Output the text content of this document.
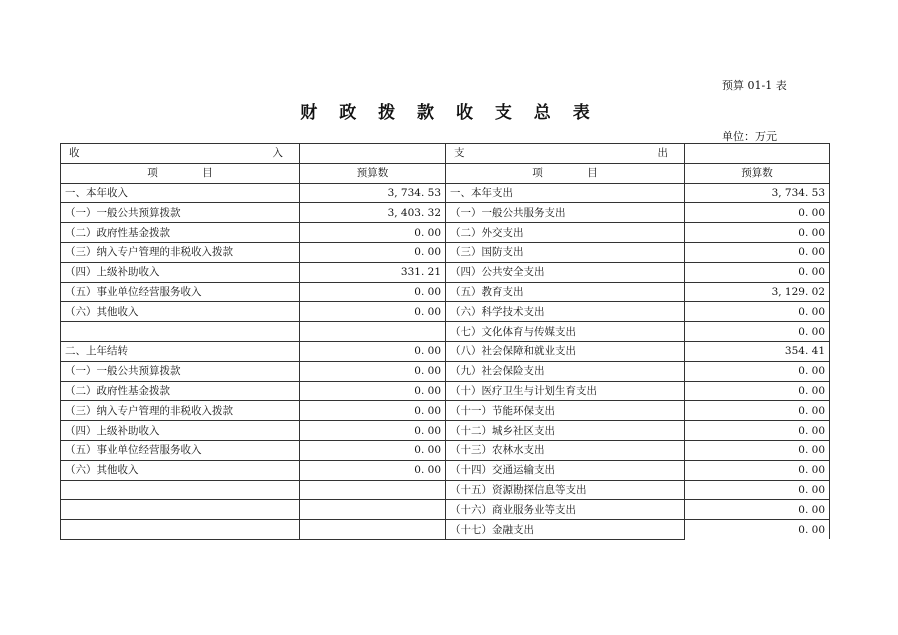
预算 01-1 表
财 政 拨 款 收 支 总 表
单位：万元
收 入		支 出	

项 目	预算数	项 目	预算数
一、本年收入	3, 734. 53	一、本年支出	3, 734. 53
（一）一般公共预算拨款	3, 403. 32	（一）一般公共服务支出	0. 00
（二）政府性基金拨款	0. 00	（二）外交支出	0. 00
（三）纳入专户管理的非税收入拨款	0. 00	（三）国防支出	0. 00
（四）上级补助收入	331. 21	（四）公共安全支出	0. 00
（五）事业单位经营服务收入	0. 00	（五）教育支出	3, 129. 02
（六）其他收入	0. 00	（六）科学技术支出	0. 00
		（七）文化体育与传媒支出	0. 00
二、上年结转	0. 00	（八）社会保障和就业支出	354. 41
（一）一般公共预算拨款	0. 00	（九）社会保险支出	0. 00
（二）政府性基金拨款	0. 00	（十）医疗卫生与计划生育支出	0. 00
（三）纳入专户管理的非税收入拨款	0. 00	（十一）节能环保支出	0. 00
（四）上级补助收入	0. 00	（十二）城乡社区支出	0. 00
（五）事业单位经营服务收入	0. 00	（十三）农林水支出	0. 00
（六）其他收入	0. 00	（十四）交通运输支出	0. 00
		（十五）资源勘探信息等支出	0. 00
		（十六）商业服务业等支出	0. 00
		（十七）金融支出	0. 00
